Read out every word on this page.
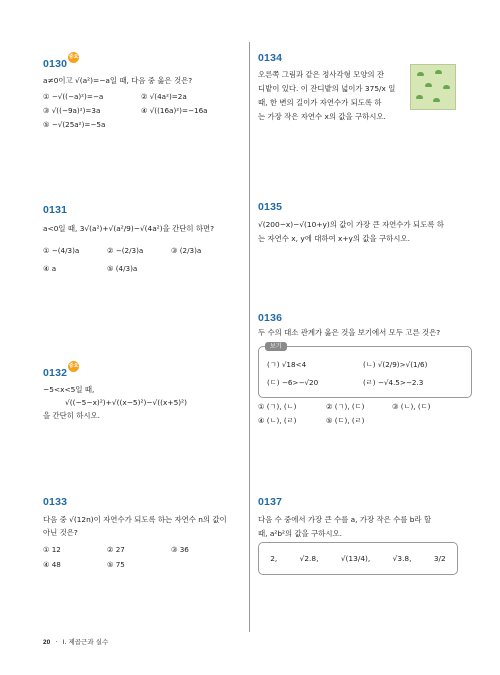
0130중요
a≠0이고 √(a²)=−a일 때, 다음 중 옳은 것은?
① −√((−a)²)=−a	② √(4a²)=2a
③ √((−9a)²)=3a	④ √((16a)²)=−16a
⑤ −√(25a²)=−5a
0131
a<0일 때, 3√(a²)+√(a²/9)−√(4a²)을 간단히 하면?
① −(4/3)a	② −(2/3)a	③ (2/3)a
④ a	⑤ (4/3)a
0132중요
−5<x<5일 때,
√((−5−x)²)+√((x−5)²)−√((x+5)²)
을 간단히 하시오.
0133
다음 중 √(12n)이 자연수가 되도록 하는 자연수 n의 값이
아닌 것은?
① 12	② 27	③ 36
④ 48	⑤ 75
0134
오른쪽 그림과 같은 정사각형 모양의 잔
디밭이 있다. 이 잔디밭의 넓이가 375/x 일
때, 한 변의 길이가 자연수가 되도록 하
는 가장 작은 자연수 x의 값을 구하시오.
0135
√(200−x)−√(10+y)의 값이 가장 큰 자연수가 되도록 하
는 자연수 x, y에 대하여 x+y의 값을 구하시오.
0136
두 수의 대소 관계가 옳은 것을 보기에서 모두 고른 것은?
보기
(ㄱ) √18<4	(ㄴ) √(2/9)>√(1/6)
(ㄷ) −6>−√20	(ㄹ) −√4.5>−2.3
① (ㄱ), (ㄴ)	② (ㄱ), (ㄷ)	③ (ㄴ), (ㄷ)
④ (ㄴ), (ㄹ)	⑤ (ㄷ), (ㄹ)
0137
다음 수 중에서 가장 큰 수를 a, 가장 작은 수를 b라 할
때, a²b²의 값을 구하시오.
2,	√2.8,	√(13/4),	√3.8,	3/2
20 · I. 제곱근과 실수
